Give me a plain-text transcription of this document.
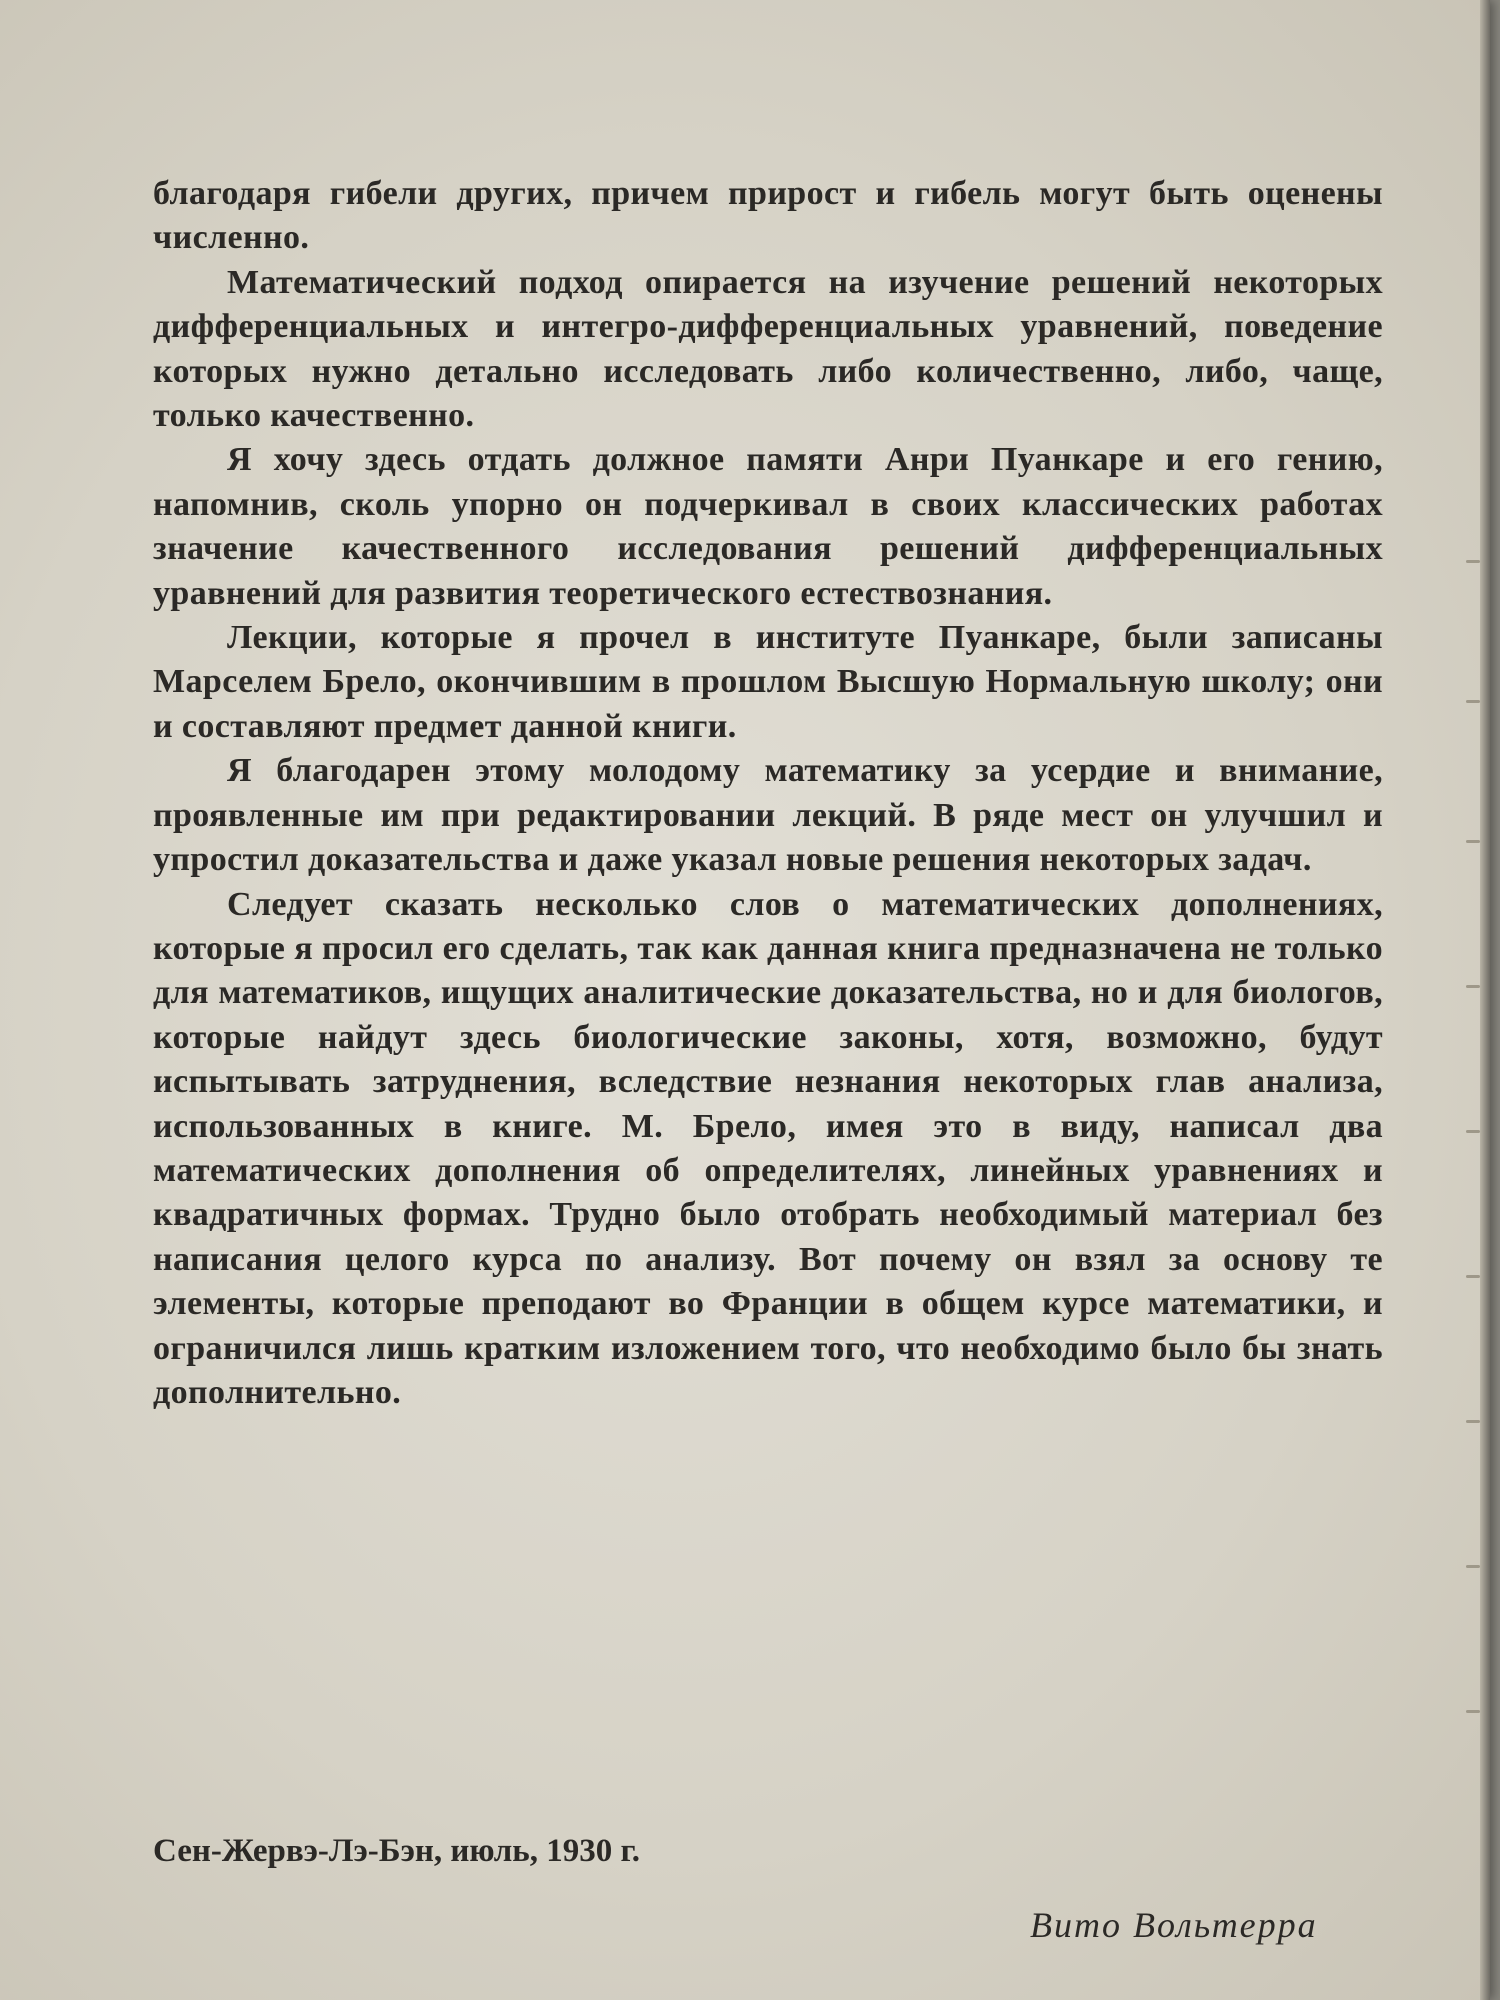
благодаря гибели других, причем прирост и гибель могут быть оценены численно.

Математический подход опирается на изучение решений некоторых дифференциальных и интегро-дифференциальных уравнений, поведение которых нужно детально исследовать либо количественно, либо, чаще, только качественно.

Я хочу здесь отдать должное памяти Анри Пуанкаре и его гению, напомнив, сколь упорно он подчеркивал в своих классических работах значение качественного исследования решений дифференциальных уравнений для развития теоретического естествознания.

Лекции, которые я прочел в институте Пуанкаре, были записаны Марселем Брело, окончившим в прошлом Высшую Нормальную школу; они и составляют предмет данной книги.

Я благодарен этому молодому математику за усердие и внимание, проявленные им при редактировании лекций. В ряде мест он улучшил и упростил доказательства и даже указал новые решения некоторых задач.

Следует сказать несколько слов о математических дополнениях, которые я просил его сделать, так как данная книга предназначена не только для математиков, ищущих аналитические доказательства, но и для биологов, которые найдут здесь биологические законы, хотя, возможно, будут испытывать затруднения, вследствие незнания некоторых глав анализа, использованных в книге. М. Брело, имея это в виду, написал два математических дополнения об определителях, линейных уравнениях и квадратичных формах. Трудно было отобрать необходимый материал без написания целого курса по анализу. Вот почему он взял за основу те элементы, которые преподают во Франции в общем курсе математики, и ограничился лишь кратким изложением того, что необходимо было бы знать дополнительно.

Сен-Жервэ-Лэ-Бэн, июль, 1930 г.

Вито Вольтерра
